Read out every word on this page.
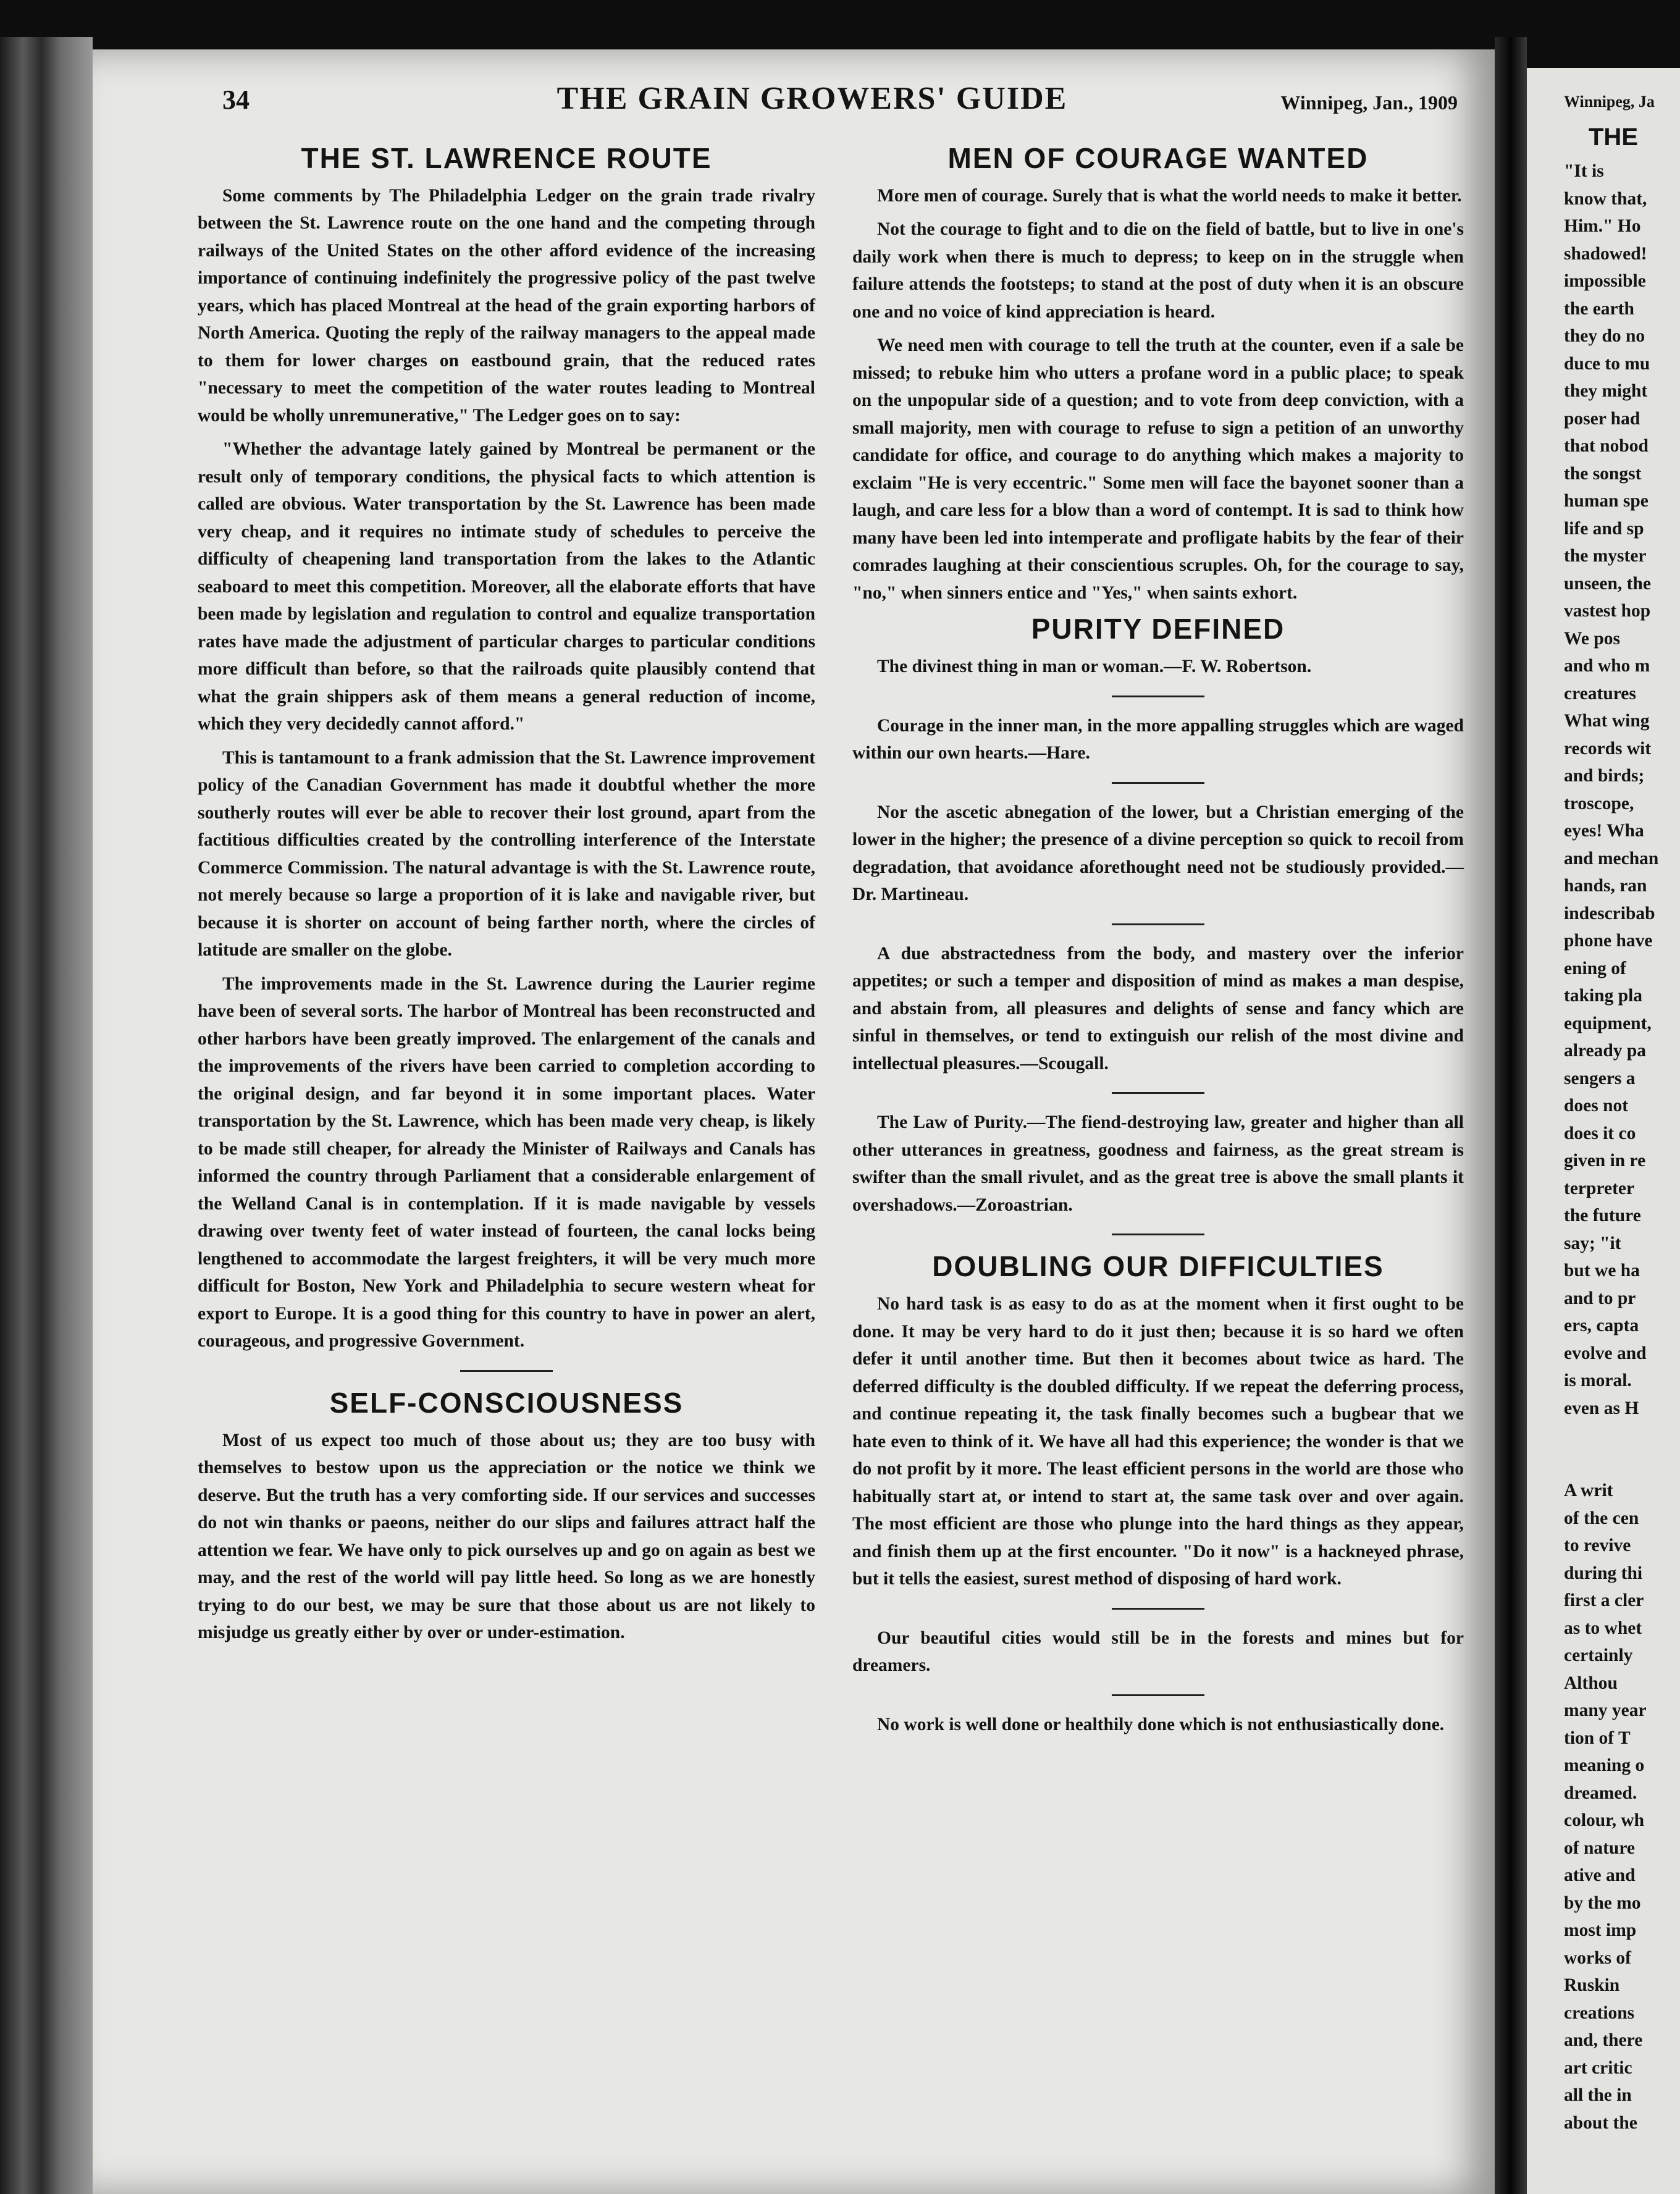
34	THE GRAIN GROWERS' GUIDE	Winnipeg, Jan., 1909
THE ST. LAWRENCE ROUTE

Some comments by The Philadelphia Ledger on the grain trade rivalry between the St. Lawrence route on the one hand and the competing through railways of the United States on the other afford evidence of the increasing importance of continuing indefinitely the progressive policy of the past twelve years, which has placed Montreal at the head of the grain exporting harbors of North America. Quoting the reply of the railway managers to the appeal made to them for lower charges on eastbound grain, that the reduced rates "necessary to meet the competition of the water routes leading to Montreal would be wholly unremunerative," The Ledger goes on to say:

"Whether the advantage lately gained by Montreal be permanent or the result only of temporary conditions, the physical facts to which attention is called are obvious. Water transportation by the St. Lawrence has been made very cheap, and it requires no intimate study of schedules to perceive the difficulty of cheapening land transportation from the lakes to the Atlantic seaboard to meet this competition. Moreover, all the elaborate efforts that have been made by legislation and regulation to control and equalize transportation rates have made the adjustment of particular charges to particular conditions more difficult than before, so that the railroads quite plausibly contend that what the grain shippers ask of them means a general reduction of income, which they very decidedly cannot afford."

This is tantamount to a frank admission that the St. Lawrence improvement policy of the Canadian Government has made it doubtful whether the more southerly routes will ever be able to recover their lost ground, apart from the factitious difficulties created by the controlling interference of the Interstate Commerce Commission. The natural advantage is with the St. Lawrence route, not merely because so large a proportion of it is lake and navigable river, but because it is shorter on account of being farther north, where the circles of latitude are smaller on the globe.

The improvements made in the St. Lawrence during the Laurier regime have been of several sorts. The harbor of Montreal has been reconstructed and other harbors have been greatly improved. The enlargement of the canals and the improvements of the rivers have been carried to completion according to the original design, and far beyond it in some important places. Water transportation by the St. Lawrence, which has been made very cheap, is likely to be made still cheaper, for already the Minister of Railways and Canals has informed the country through Parliament that a considerable enlargement of the Welland Canal is in contemplation. If it is made navigable by vessels drawing over twenty feet of water instead of fourteen, the canal locks being lengthened to accommodate the largest freighters, it will be very much more difficult for Boston, New York and Philadelphia to secure western wheat for export to Europe. It is a good thing for this country to have in power an alert, courageous, and progressive Government.

SELF-CONSCIOUSNESS

Most of us expect too much of those about us; they are too busy with themselves to bestow upon us the appreciation or the notice we think we deserve. But the truth has a very comforting side. If our services and successes do not win thanks or paeons, neither do our slips and failures attract half the attention we fear. We have only to pick ourselves up and go on again as best we may, and the rest of the world will pay little heed. So long as we are honestly trying to do our best, we may be sure that those about us are not likely to misjudge us greatly either by over or under-estimation.

MEN OF COURAGE WANTED

More men of courage. Surely that is what the world needs to make it better.

Not the courage to fight and to die on the field of battle, but to live in one's daily work when there is much to depress; to keep on in the struggle when failure attends the footsteps; to stand at the post of duty when it is an obscure one and no voice of kind appreciation is heard.

We need men with courage to tell the truth at the counter, even if a sale be missed; to rebuke him who utters a profane word in a public place; to speak on the unpopular side of a question; and to vote from deep conviction, with a small majority, men with courage to refuse to sign a petition of an unworthy candidate for office, and courage to do anything which makes a majority to exclaim "He is very eccentric." Some men will face the bayonet sooner than a laugh, and care less for a blow than a word of contempt. It is sad to think how many have been led into intemperate and profligate habits by the fear of their comrades laughing at their conscientious scruples. Oh, for the courage to say, "no," when sinners entice and "Yes," when saints exhort.

PURITY DEFINED

The divinest thing in man or woman.—F. W. Robertson.

Courage in the inner man, in the more appalling struggles which are waged within our own hearts.—Hare.

Nor the ascetic abnegation of the lower, but a Christian emerging of the lower in the higher; the presence of a divine perception so quick to recoil from degradation, that avoidance aforethought need not be studiously provided.—Dr. Martineau.

A due abstractedness from the body, and mastery over the inferior appetites; or such a temper and disposition of mind as makes a man despise, and abstain from, all pleasures and delights of sense and fancy which are sinful in themselves, or tend to extinguish our relish of the most divine and intellectual pleasures.—Scougall.

The Law of Purity.—The fiend-destroying law, greater and higher than all other utterances in greatness, goodness and fairness, as the great stream is swifter than the small rivulet, and as the great tree is above the small plants it overshadows.—Zoroastrian.

DOUBLING OUR DIFFICULTIES

No hard task is as easy to do as at the moment when it first ought to be done. It may be very hard to do it just then; because it is so hard we often defer it until another time. But then it becomes about twice as hard. The deferred difficulty is the doubled difficulty. If we repeat the deferring process, and continue repeating it, the task finally becomes such a bugbear that we hate even to think of it. We have all had this experience; the wonder is that we do not profit by it more. The least efficient persons in the world are those who habitually start at, or intend to start at, the same task over and over again. The most efficient are those who plunge into the hard things as they appear, and finish them up at the first encounter. "Do it now" is a hackneyed phrase, but it tells the easiest, surest method of disposing of hard work.

Our beautiful cities would still be in the forests and mines but for dreamers.

No work is well done or healthily done which is not enthusiastically done.

Winnipeg, Ja
THE
"It is
know that,
Him." Ho
shadowed!
impossible
the earth
they do no
duce to mu
they might
poser had
that nobod
the songst
human spe
life and sp
the myster
unseen, the
vastest hop
We pos
and who m
creatures
What wing
records wit
and birds;
troscope,
eyes! Wha
and mechan
hands, ran
indescribab
phone have
ening of
taking pla
equipment,
already pa
sengers a
does not
does it co
given in re
terpreter
the future
say; "it
but we ha
and to pr
ers, capta
evolve and
is moral.
even as H

A writ
of the cen
to revive
during thi
first a cler
as to whet
certainly
Althou
many year
tion of T
meaning o
dreamed.
colour, wh
of nature
ative and
by the mo
most imp
works of
Ruskin
creations
and, there
art critic
all the in
about the
